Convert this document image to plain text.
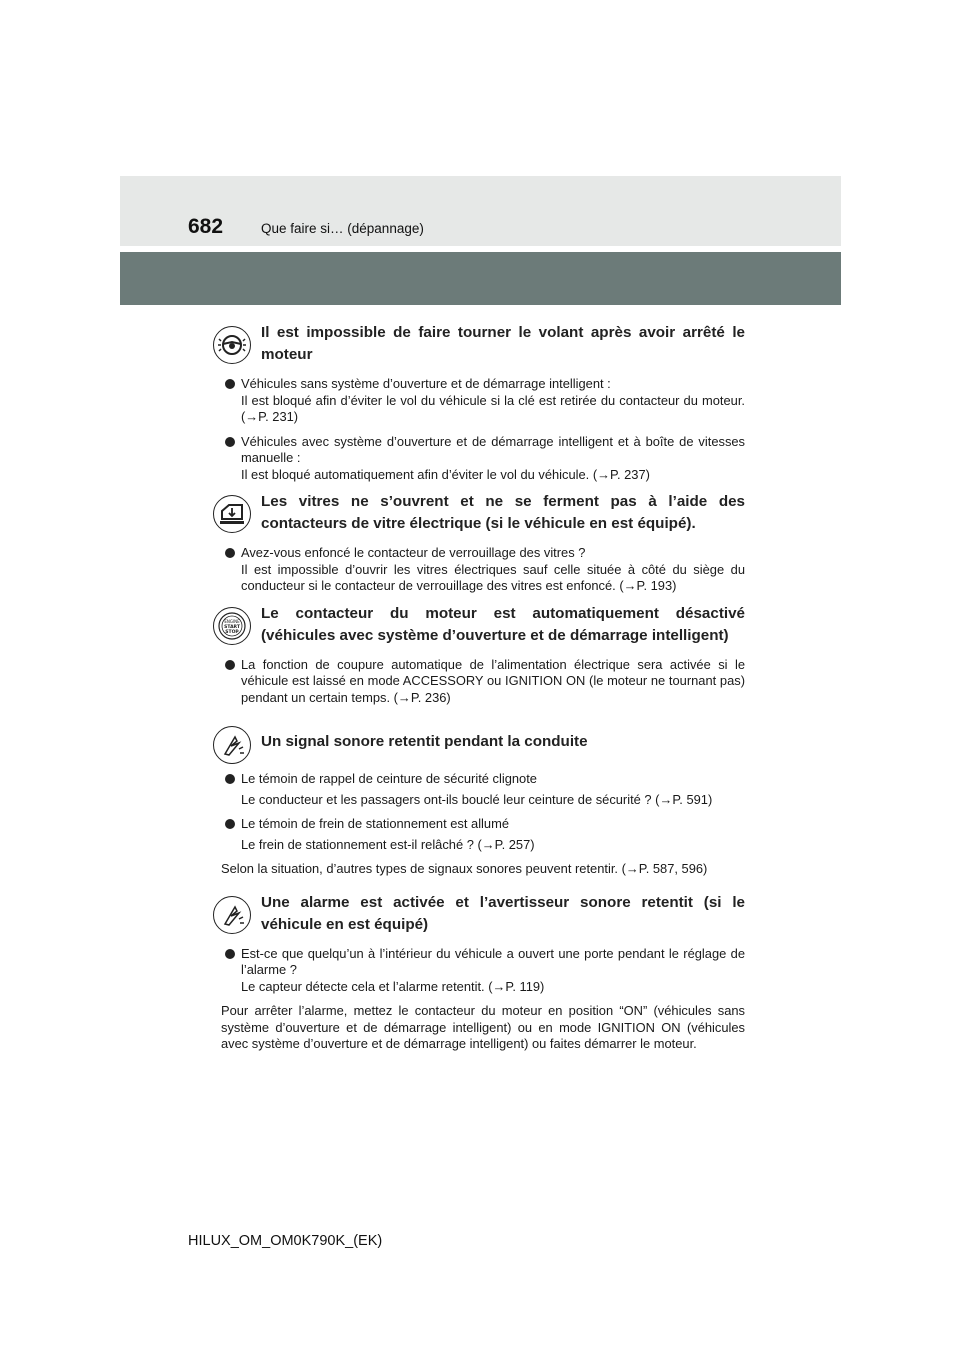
682	Que faire si… (dépannage)

Il est impossible de faire tourner le volant après avoir arrêté le moteur

Véhicules sans système d’ouverture et de démarrage intelligent :

Il est bloqué afin d’éviter le vol du véhicule si la clé est retirée du contacteur du moteur. (→P. 231)

Véhicules avec système d’ouverture et de démarrage intelligent et à boîte de vitesses manuelle :

Il est bloqué automatiquement afin d’éviter le vol du véhicule. (→P. 237)

Les vitres ne s’ouvrent et ne se ferment pas à l’aide des contacteurs de vitre électrique (si le véhicule en est équipé).

Avez-vous enfoncé le contacteur de verrouillage des vitres ?

Il est impossible d’ouvrir les vitres électriques sauf celle située à côté du siège du conducteur si le contacteur de verrouillage des vitres est enfoncé. (→P. 193)

ENGINE
START
STOP

Le contacteur du moteur est automatiquement désactivé (véhicules avec système d’ouverture et de démarrage intelligent)

La fonction de coupure automatique de l’alimentation électrique sera activée si le véhicule est laissé en mode ACCESSORY ou IGNITION ON (le moteur ne tournant pas) pendant un certain temps. (→P. 236)

Un signal sonore retentit pendant la conduite

Le témoin de rappel de ceinture de sécurité clignote

Le conducteur et les passagers ont-ils bouclé leur ceinture de sécurité ? (→P. 591)

Le témoin de frein de stationnement est allumé

Le frein de stationnement est-il relâché ? (→P. 257)

Selon la situation, d’autres types de signaux sonores peuvent retentir. (→P. 587, 596)

Une alarme est activée et l’avertisseur sonore retentit (si le véhicule en est équipé)

Est-ce que quelqu’un à l’intérieur du véhicule a ouvert une porte pendant le réglage de l’alarme ?

Le capteur détecte cela et l’alarme retentit. (→P. 119)

Pour arrêter l’alarme, mettez le contacteur du moteur en position “ON” (véhicules sans système d’ouverture et de démarrage intelligent) ou en mode IGNITION ON (véhicules avec système d’ouverture et de démarrage intelligent) ou faites démarrer le moteur.

HILUX_OM_OM0K790K_(EK)
